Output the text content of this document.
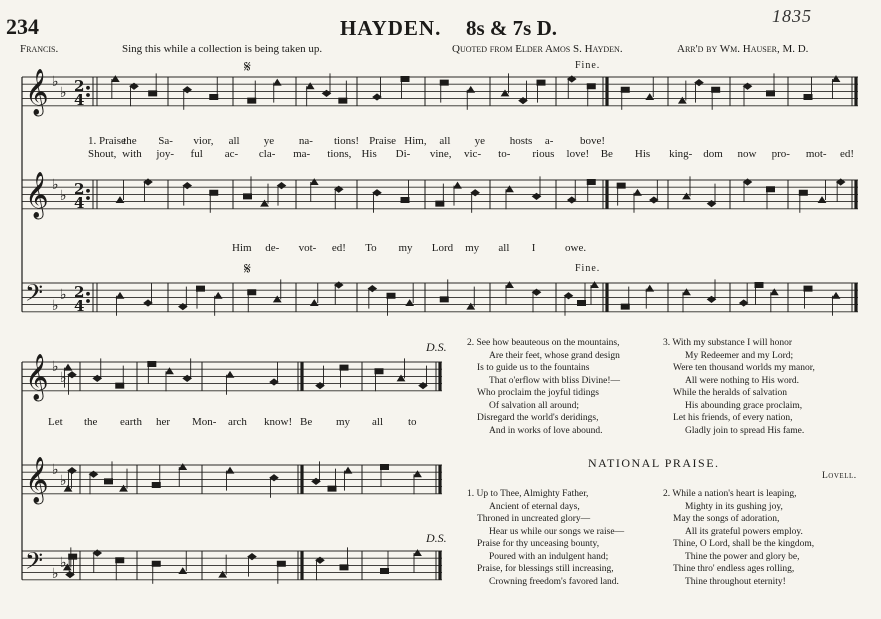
234	HAYDEN. 8s & 7s D.	1835
Francis.	Sing this while a collection is being taken up.	Quoted from Elder Amos S. Hayden.	Arr'd by Wm. Hauser, M. D.
𝄞 ♭
♭ 2
4
𝄞 ♭
♭ 2
4
𝄢 ♭
♭ 2
4
𝄞 ♭
♭
𝄞 ♭
♭
𝄢 ♭
♭
𝄋
𝄋
Fine.
Fine.
D.S.
D.S.
1. Praise
the Sa- vior, all ye na- tions! Praise Him, all ye hosts a- bove!
Shout, with joy- ful ac- cla- ma- tions, His Di- vine, vic- to- rious love! Be His king- dom now pro- mot- ed!
Him de- vot- ed! To my Lord my all I	owe.
Let the earth her Mon- arch know! Be my all to
2. See how beauteous on the mountains,
Are their feet, whose grand design
Is to guide us to the fountains
That o'erflow with bliss Divine!—
Who proclaim the joyful tidings
Of salvation all around;
Disregard the world's deridings,
And in works of love abound.
3. With my substance I will honor
My Redeemer and my Lord;
Were ten thousand worlds my manor,
All were nothing to His word.
While the heralds of salvation
His abounding grace proclaim,
Let his friends, of every nation,
Gladly join to spread His fame.
NATIONAL PRAISE.
Lovell.
1. Up to Thee, Almighty Father,
Ancient of eternal days,
Throned in uncreated glory—
Hear us while our songs we raise—
Praise for thy unceasing bounty,
Poured with an indulgent hand;
Praise, for blessings still increasing,
Crowning freedom's favored land.
2. While a nation's heart is leaping,
Mighty in its gushing joy,
May the songs of adoration,
All its grateful powers employ.
Thine, O Lord, shall be the kingdom,
Thine the power and glory be,
Thine thro' endless ages rolling,
Thine throughout eternity!
